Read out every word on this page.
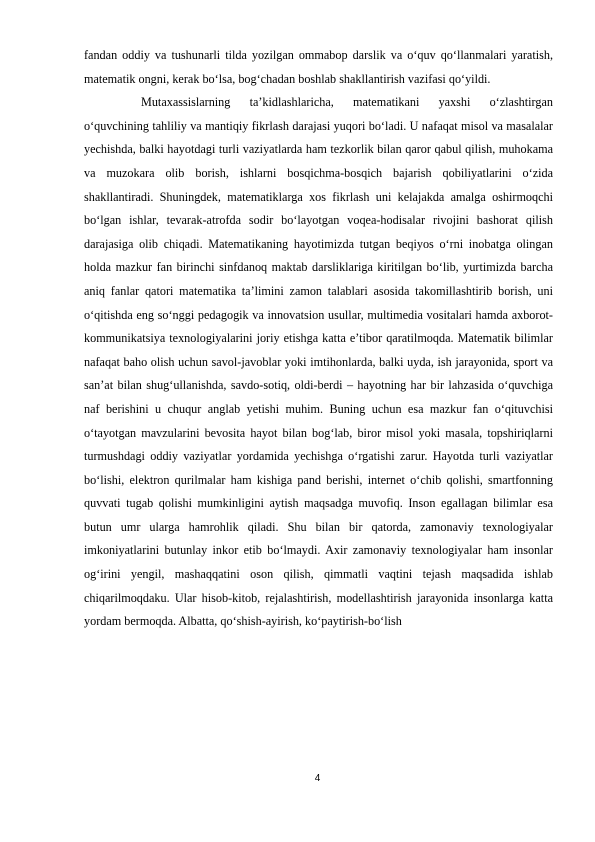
fandan oddiy va tushunarli tilda yozilgan ommabop darslik va o‘quv qo‘llanmalari yaratish, matematik ongni, kerak bo‘lsa, bog‘chadan boshlab shakllantirish vazifasi qo‘yildi.

Mutaxassislarning ta’kidlashlaricha, matematikani yaxshi o‘zlashtirgan o‘quvchining tahliliy va mantiqiy fikrlash darajasi yuqori bo‘ladi. U nafaqat misol va masalalar yechishda, balki hayotdagi turli vaziyatlarda ham tezkorlik bilan qaror qabul qilish, muhokama va muzokara olib borish, ishlarni bosqichma-bosqich bajarish qobiliyatlarini o‘zida shakllantiradi. Shuningdek, matematiklarga xos fikrlash uni kelajakda amalga oshirmoqchi bo‘lgan ishlar, tevarak-atrofda sodir bo‘layotgan voqea-hodisalar rivojini bashorat qilish darajasiga olib chiqadi. Matematikaning hayotimizda tutgan beqiyos o‘rni inobatga olingan holda mazkur fan birinchi sinfdanoq maktab darsliklariga kiritilgan bo‘lib, yurtimizda barcha aniq fanlar qatori matematika ta’limini zamon talablari asosida takomillashtirib borish, uni o‘qitishda eng so‘nggi pedagogik va innovatsion usullar, multimedia vositalari hamda axborot-kommunikatsiya texnologiyalarini joriy etishga katta e’tibor qaratilmoqda. Matematik bilimlar nafaqat baho olish uchun savol-javoblar yoki imtihonlarda, balki uyda, ish jarayonida, sport va san’at bilan shug‘ullanishda, savdo-sotiq, oldi-berdi – hayotning har bir lahzasida o‘quvchiga naf berishini u chuqur anglab yetishi muhim. Buning uchun esa mazkur fan o‘qituvchisi o‘tayotgan mavzularini bevosita hayot bilan bog‘lab, biror misol yoki masala, topshiriqlarni turmushdagi oddiy vaziyatlar yordamida yechishga o‘rgatishi zarur. Hayotda turli vaziyatlar bo‘lishi, elektron qurilmalar ham kishiga pand berishi, internet o‘chib qolishi, smartfonning quvvati tugab qolishi mumkinligini aytish maqsadga muvofiq. Inson egallagan bilimlar esa butun umr ularga hamrohlik qiladi. Shu bilan bir qatorda, zamonaviy texnologiyalar imkoniyatlarini butunlay inkor etib bo‘lmaydi. Axir zamonaviy texnologiyalar ham insonlar og‘irini yengil, mashaqqatini oson qilish, qimmatli vaqtini tejash maqsadida ishlab chiqarilmoqdaku. Ular hisob-kitob, rejalashtirish, modellashtirish jarayonida insonlarga katta yordam bermoqda. Albatta, qo‘shish-ayirish, ko‘paytirish-bo‘lish

4
